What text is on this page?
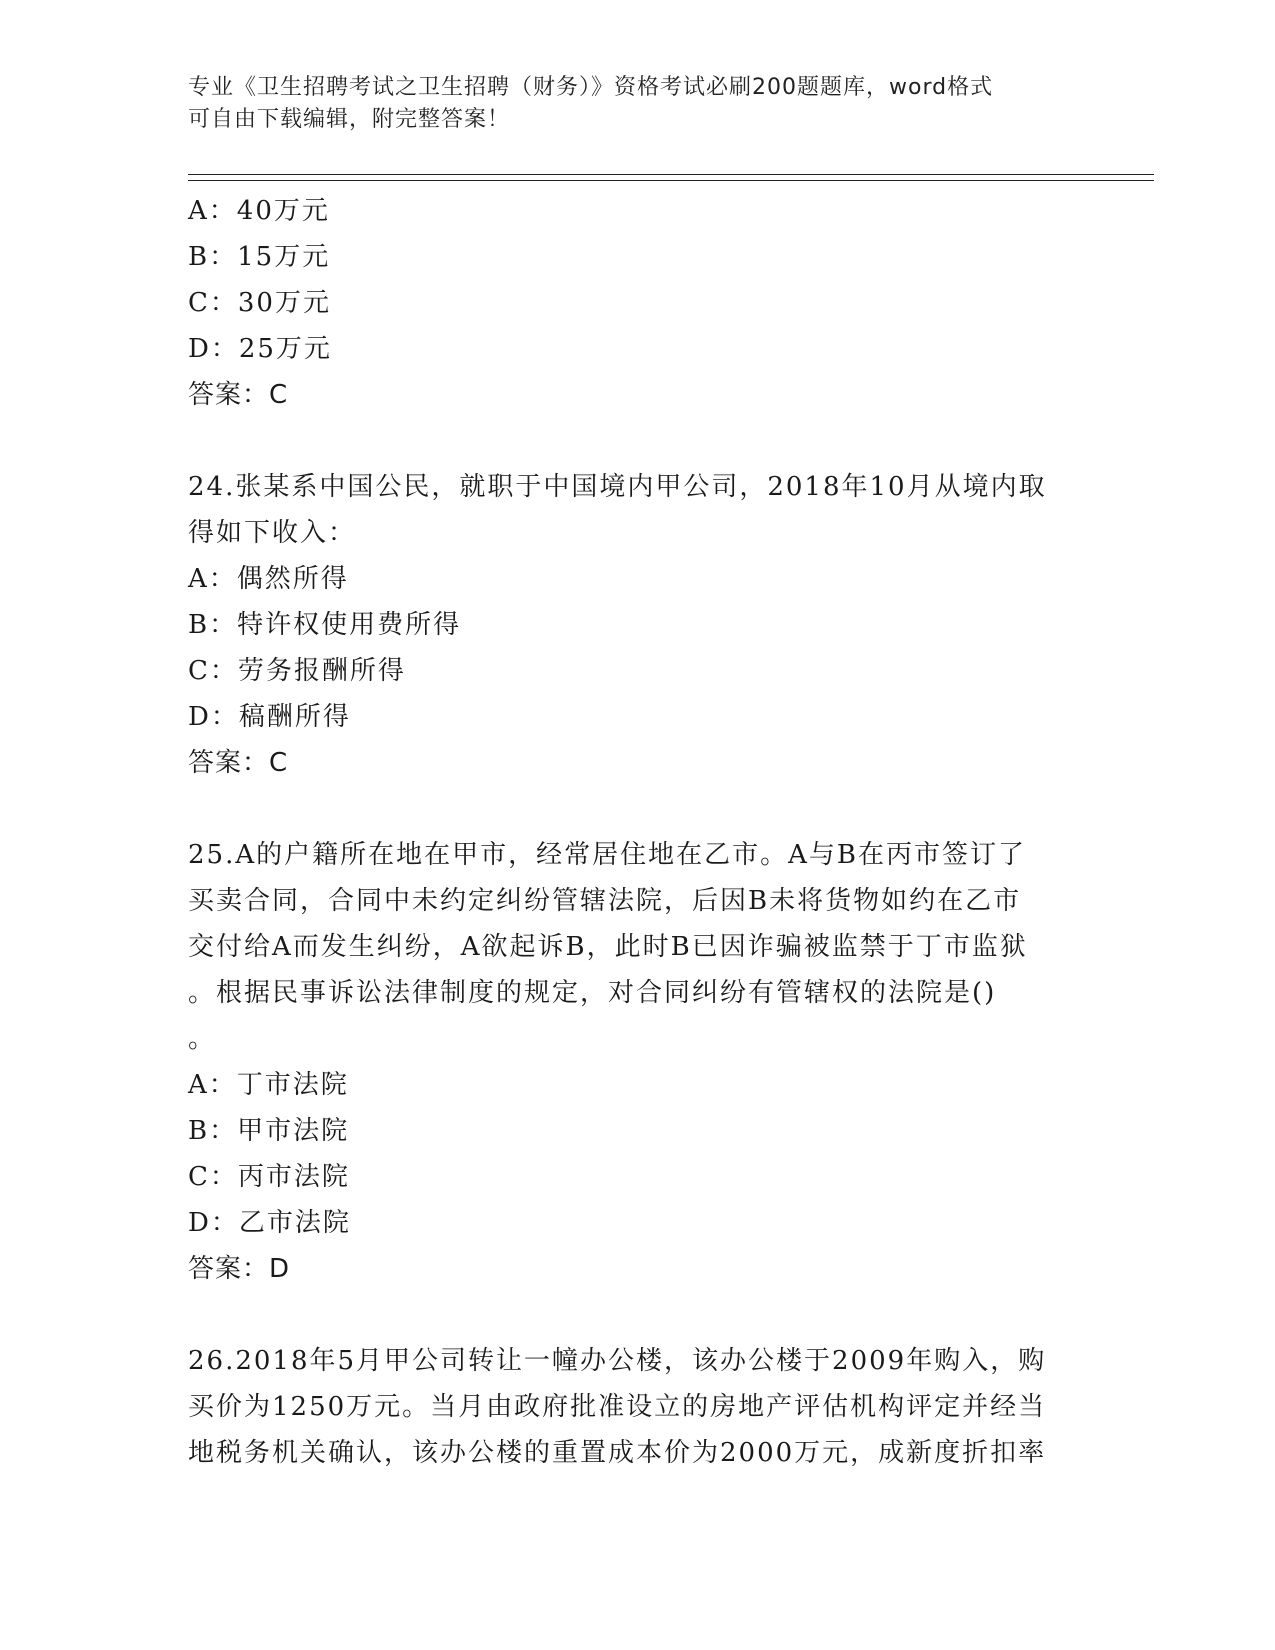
专业《卫生招聘考试之卫生招聘（财务）》资格考试必刷200题题库，word格式
可自由下载编辑，附完整答案！
A：40万元
B：15万元
C：30万元
D：25万元
答案：C
24.张某系中国公民，就职于中国境内甲公司，2018年10月从境内取
得如下收入：
A：偶然所得
B：特许权使用费所得
C：劳务报酬所得
D：稿酬所得
答案：C
25.A的户籍所在地在甲市，经常居住地在乙市。A与B在丙市签订了
买卖合同，合同中未约定纠纷管辖法院，后因B未将货物如约在乙市
交付给A而发生纠纷，A欲起诉B，此时B已因诈骗被监禁于丁市监狱
。根据民事诉讼法律制度的规定，对合同纠纷有管辖权的法院是()
。
A：丁市法院
B：甲市法院
C：丙市法院
D：乙市法院
答案：D
26.2018年5月甲公司转让一幢办公楼，该办公楼于2009年购入，购
买价为1250万元。当月由政府批准设立的房地产评估机构评定并经当
地税务机关确认，该办公楼的重置成本价为2000万元，成新度折扣率
